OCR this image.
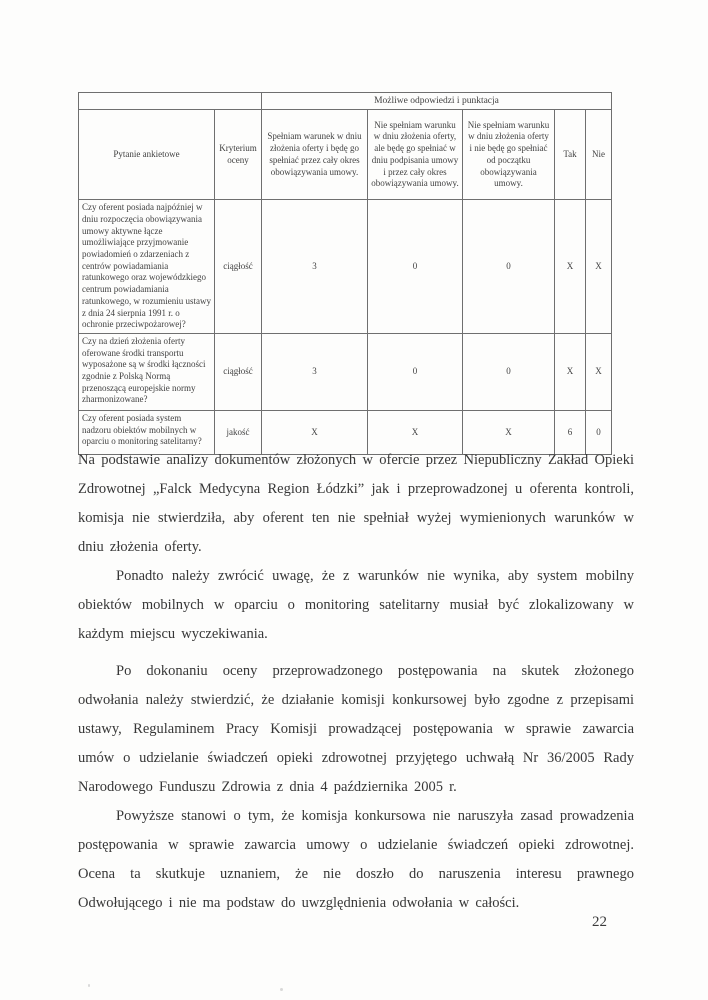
		Możliwe odpowiedzi i punktacja				
Pytanie ankietowe	Kryterium oceny	Spełniam warunek w dniu złożenia oferty i będę go spełniać przez cały okres obowiązywania umowy.	Nie spełniam warunku w dniu złożenia oferty, ale będę go spełniać w dniu podpisania umowy i przez cały okres obowiązywania umowy.	Nie spełniam warunku w dniu złożenia oferty i nie będę go spełniać od początku obowiązywania umowy.	Tak	Nie
Czy oferent posiada najpóźniej w dniu rozpoczęcia obowiązywania umowy aktywne łącze umożliwiające przyjmowanie powiadomień o zdarzeniach z centrów powiadamiania ratunkowego oraz wojewódzkiego centrum powiadamiania ratunkowego, w rozumieniu ustawy z dnia 24 sierpnia 1991 r. o ochronie przeciwpożarowej?	ciągłość	3	0	0	X	X
Czy na dzień złożenia oferty oferowane środki transportu wyposażone są w środki łączności zgodnie z Polską Normą przenoszącą europejskie normy zharmonizowane?	ciągłość	3	0	0	X	X
Czy oferent posiada system nadzoru obiektów mobilnych w oparciu o monitoring satelitarny?	jakość	X	X	X	6	0

Na podstawie analizy dokumentów złożonych w ofercie przez Niepubliczny Zakład Opieki Zdrowotnej „Falck Medycyna Region Łódzki” jak i przeprowadzonej u oferenta kontroli, komisja nie stwierdziła, aby oferent ten nie spełniał wyżej wymienionych warunków w dniu złożenia oferty.

Ponadto należy zwrócić uwagę, że z warunków nie wynika, aby system mobilny obiektów mobilnych w oparciu o monitoring satelitarny musiał być zlokalizowany w każdym miejscu wyczekiwania.

Po dokonaniu oceny przeprowadzonego postępowania na skutek złożonego odwołania należy stwierdzić, że działanie komisji konkursowej było zgodne z przepisami ustawy, Regulaminem Pracy Komisji prowadzącej postępowania w sprawie zawarcia umów o udzielanie świadczeń opieki zdrowotnej przyjętego uchwałą Nr 36/2005 Rady Narodowego Funduszu Zdrowia z dnia 4 października 2005 r.

Powyższe stanowi o tym, że komisja konkursowa nie naruszyła zasad prowadzenia postępowania w sprawie zawarcia umowy o udzielanie świadczeń opieki zdrowotnej. Ocena ta skutkuje uznaniem, że nie doszło do naruszenia interesu prawnego Odwołującego i nie ma podstaw do uwzględnienia odwołania w całości.

22
